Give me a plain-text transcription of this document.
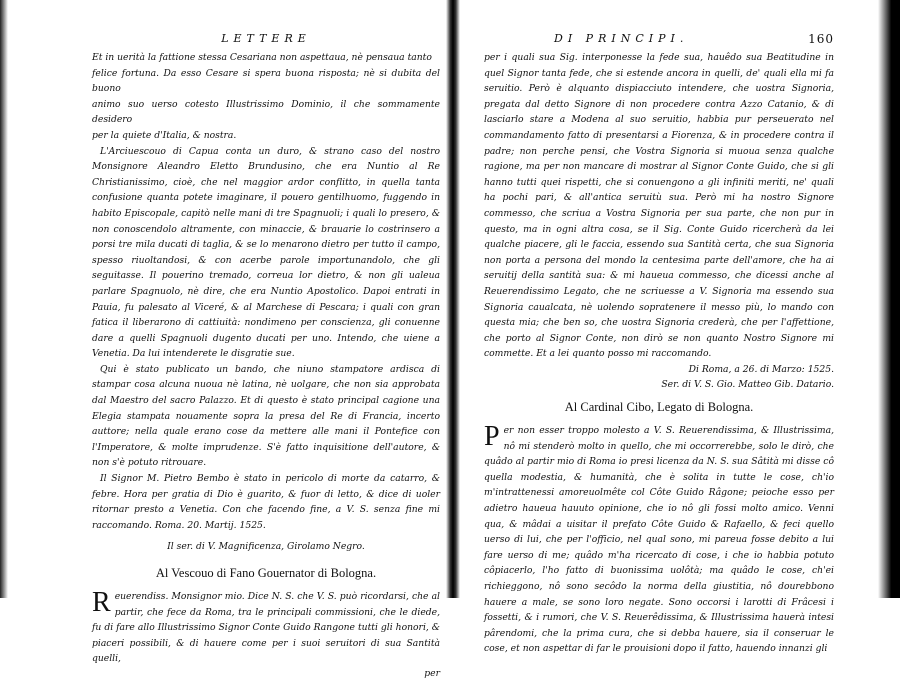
LETTERE

Et in uerità la fattione stessa Cesariana non aspettaua, nè pensaua tanto

felice fortuna. Da esso Cesare si spera buona risposta; nè si dubita del buono

animo suo uerso cotesto Illustrissimo Dominio, il che sommamente desidero

per la quiete d'Italia, & nostra.

L'Arciuescouo di Capua conta un duro, & strano caso del nostro Monsignore Aleandro Eletto Brundusino, che era Nuntio al Re Christianissimo, cioè, che nel maggior ardor conflitto, in quella tanta confusione quanta potete imaginare, il pouero gentilhuomo, fuggendo in habito Episcopale, capitò nelle mani di tre Spagnuoli; i quali lo presero, & non conoscendolo altramente, con minaccie, & brauarie lo costrinsero a porsi tre mila ducati di taglia, & se lo menarono dietro per tutto il campo, spesso riuoltandosi, & con acerbe parole importunandolo, che gli seguitasse. Il pouerino tremado, correua lor dietro, & non gli ualeua parlare Spagnuolo, nè dire, che era Nuntio Apostolico. Dapoi entrati in Pauia, fu palesato al Viceré, & al Marchese di Pescara; i quali con gran fatica il liberarono di cattiuità: nondimeno per conscienza, gli conuenne dare a quelli Spagnuoli dugento ducati per uno. Intendo, che uiene a Venetia. Da lui intenderete le disgratie sue.

Qui è stato publicato un bando, che niuno stampatore ardisca di stampar cosa alcuna nuoua nè latina, nè uolgare, che non sia approbata dal Maestro del sacro Palazzo. Et di questo è stato principal cagione una Elegia stampata nouamente sopra la presa del Re di Francia, incerto auttore; nella quale erano cose da mettere alle mani il Pontefice con l'Imperatore, & molte imprudenze. S'è fatto inquisitione dell'autore, & non s'è potuto ritrouare.

Il Signor M. Pietro Bembo è stato in pericolo di morte da catarro, & febre. Hora per gratia di Dio è guarito, & fuor di letto, & dice di uoler ritornar presto a Venetia. Con che facendo fine, a V. S. senza fine mi raccomando. Roma. 20. Martij. 1525.

Il ser. di V. Magnificenza, Girolamo Negro.
Al Vescouo di Fano Gouernator di Bologna.
R euerendiss. Monsignor mio. Dice N. S. che V. S. può ricordarsi, che al partir, che fece da Roma, tra le principali commissioni, che le diede, fu di fare allo Illustrissimo Signor Conte Guido Rangone tutti gli honori, & piaceri possibili, & di hauere come per i suoi seruitori di sua Santità quelli,

per
DI PRINCIPI.	160

per i quali sua Sig. interponesse la fede sua, hauêdo sua Beatitudine in quel Signor tanta fede, che si estende ancora in quelli, de' quali ella mi fa seruitio. Però è alquanto dispiacciuto intendere, che uostra Signoria, pregata dal detto Signore di non procedere contra Azzo Catanio, & di lasciarlo stare a Modena al suo seruitio, habbia pur perseuerato nel commandamento fatto di presentarsi a Fiorenza, & in procedere contra il padre; non perche pensi, che Vostra Signoria si muoua senza qualche ragione, ma per non mancare di mostrar al Signor Conte Guido, che si gli hanno tutti quei rispetti, che si conuengono a gli infiniti meriti, ne' quali ha pochi pari, & all'antica seruitù sua. Però mi ha nostro Signore commesso, che scriua a Vostra Signoria per sua parte, che non pur in questo, ma in ogni altra cosa, se il Sig. Conte Guido ricercherà da lei qualche piacere, gli le faccia, essendo sua Santità certa, che sua Signoria non porta a persona del mondo la centesima parte dell'amore, che ha ai seruitij della santità sua: & mi haueua commesso, che dicessi anche al Reuerendissimo Legato, che ne scriuesse a V. Signoria ma essendo sua Signoria caualcata, nè uolendo sopratenere il messo più, lo mando con questa mia; che ben so, che uostra Signoria crederà, che per l'affettione, che porto al Signor Conte, non dirò se non quanto Nostro Signore mi commette. Et a lei quanto posso mi raccomando.

Di Roma, a 26. di Marzo: 1525.
Ser. di V. S. Gio. Matteo Gib. Datario.
Al Cardinal Cibo, Legato di Bologna.
P er non esser troppo molesto a V. S. Reuerendissima, & Illustrissima, nô mi stenderò molto in quello, che mi occorrerebbe, solo le dirò, che quâdo al partir mio di Roma io presi licenza da N. S. sua Sâtità mi disse cô quella modestia, & humanità, che è solita in tutte le cose, ch'io m'intrattenessi amoreuolmête col Côte Guido Râgone; peioche esso per adietro haueua hauuto opinione, che io nô gli fossi molto amico. Venni qua, & mâdai a uisitar il prefato Côte Guido & Rafaello, & feci quello uerso di lui, che per l'officio, nel qual sono, mi pareua fosse debito a lui fare uerso di me; quâdo m'ha ricercato di cose, i che io habbia potuto côpiacerlo, l'ho fatto di buonissima uolôtà; ma quâdo le cose, ch'ei richieggono, nô sono secôdo la norma della giustitia, nô dourebbono hauere a male, se sono loro negate. Sono occorsi i larotti di Frâcesi i fossetti, & i rumori, che V. S. Reuerêdissima, & Illustrissima hauerà intesi pârendomi, che la prima cura, che si debba hauere, sia il conseruar le cose, et non aspettar di far le prouisioni dopo il fatto, hauendo innanzi gli
